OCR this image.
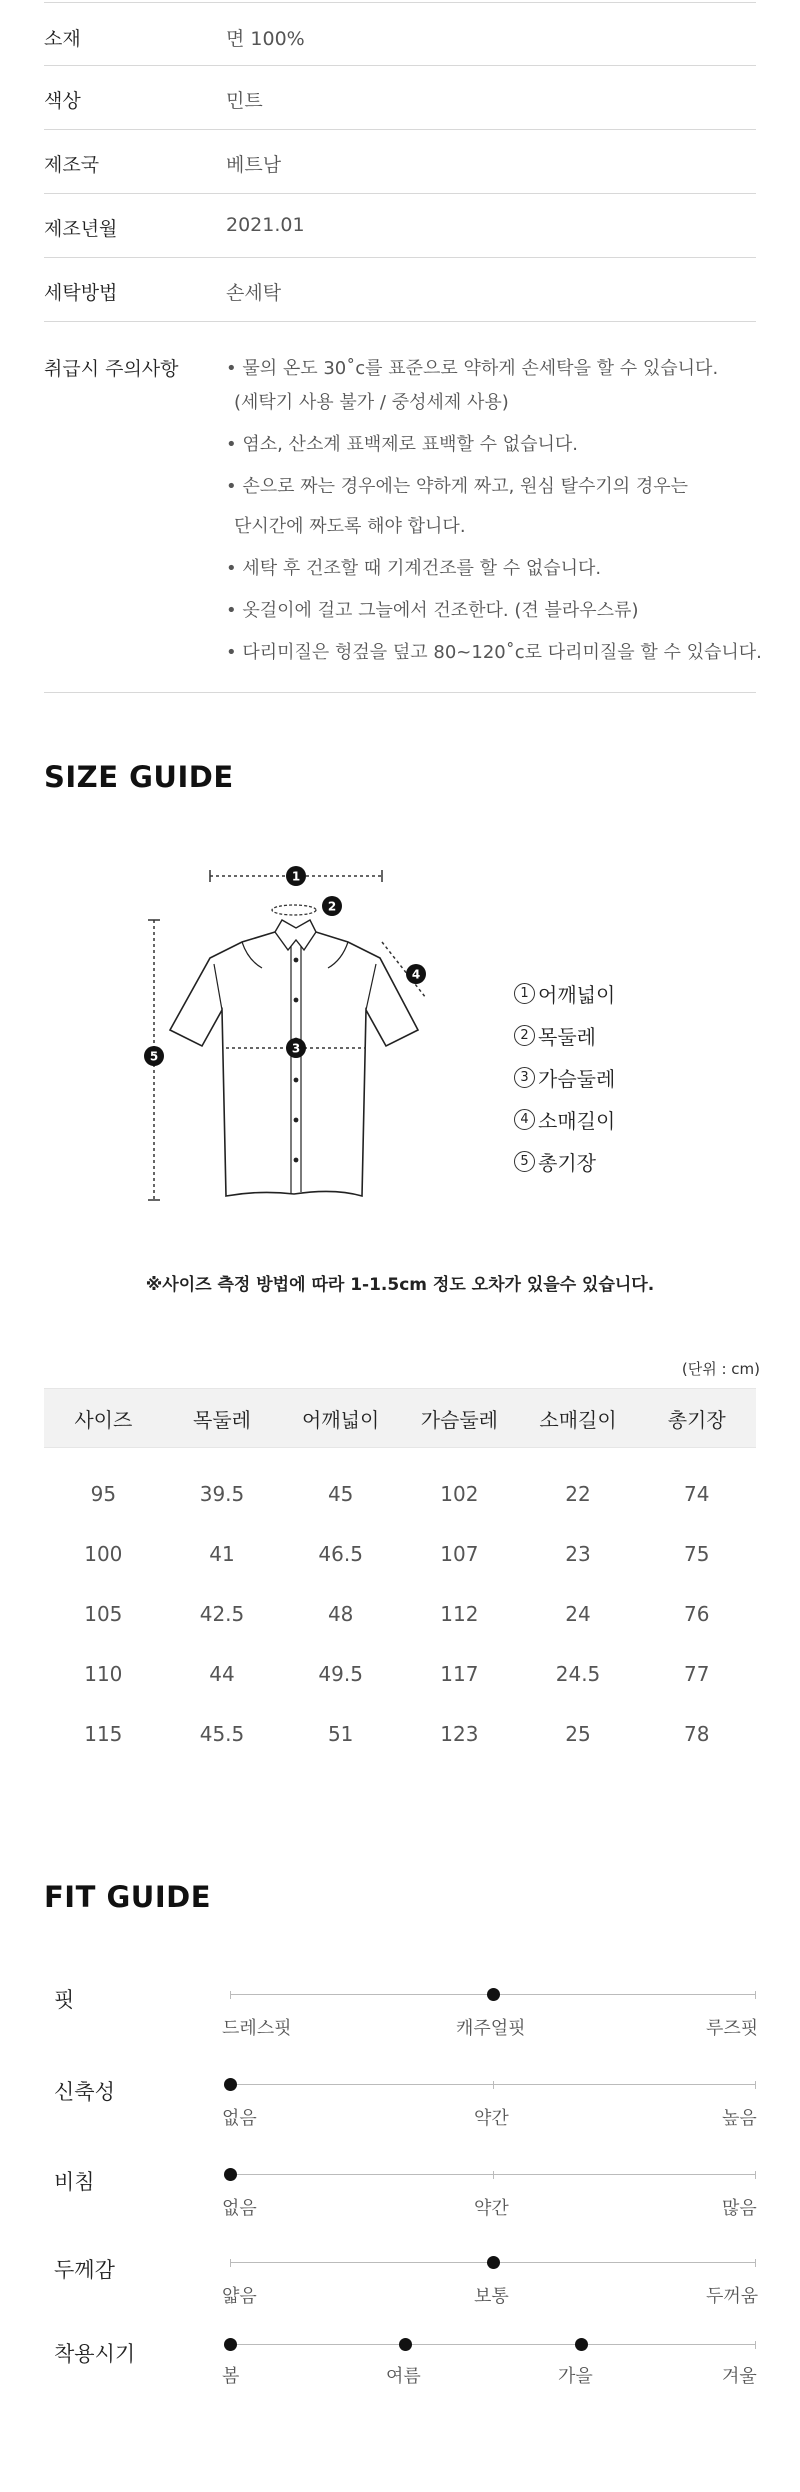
소재	면 100%
색상	민트
제조국	베트남
제조년월	2021.01
세탁방법	손세탁
취급시 주의사항	• 물의 온도 30˚c를 표준으로 약하게 손세탁을 할 수 있습니다.
(세탁기 사용 불가 / 중성세제 사용)
• 염소, 산소계 표백제로 표백할 수 없습니다.
• 손으로 짜는 경우에는 약하게 짜고, 원심 탈수기의 경우는
단시간에 짜도록 해야 합니다.
• 세탁 후 건조할 때 기계건조를 할 수 없습니다.
• 옷걸이에 걸고 그늘에서 건조한다. (견 블라우스류)
• 다리미질은 헝겊을 덮고 80~120˚c로 다리미질을 할 수 있습니다.
SIZE GUIDE
1
2
3
4
5
1 어깨넓이
2 목둘레
3 가슴둘레
4 소매길이
5 총기장
※사이즈 측정 방법에 따라 1-1.5cm 정도 오차가 있을수 있습니다.
(단위 : cm)
사이즈	목둘레	어깨넓이	가슴둘레	소매길이	총기장
95	39.5	45	102	22	74
100	41	46.5	107	23	75
105	42.5	48	112	24	76
110	44	49.5	117	24.5	77
115	45.5	51	123	25	78
FIT GUIDE
핏
드레스핏	캐주얼핏	루즈핏
신축성
없음	약간	높음
비침
없음	약간	많음
두께감
얇음	보통	두꺼움
착용시기
봄	여름	가을	겨울
